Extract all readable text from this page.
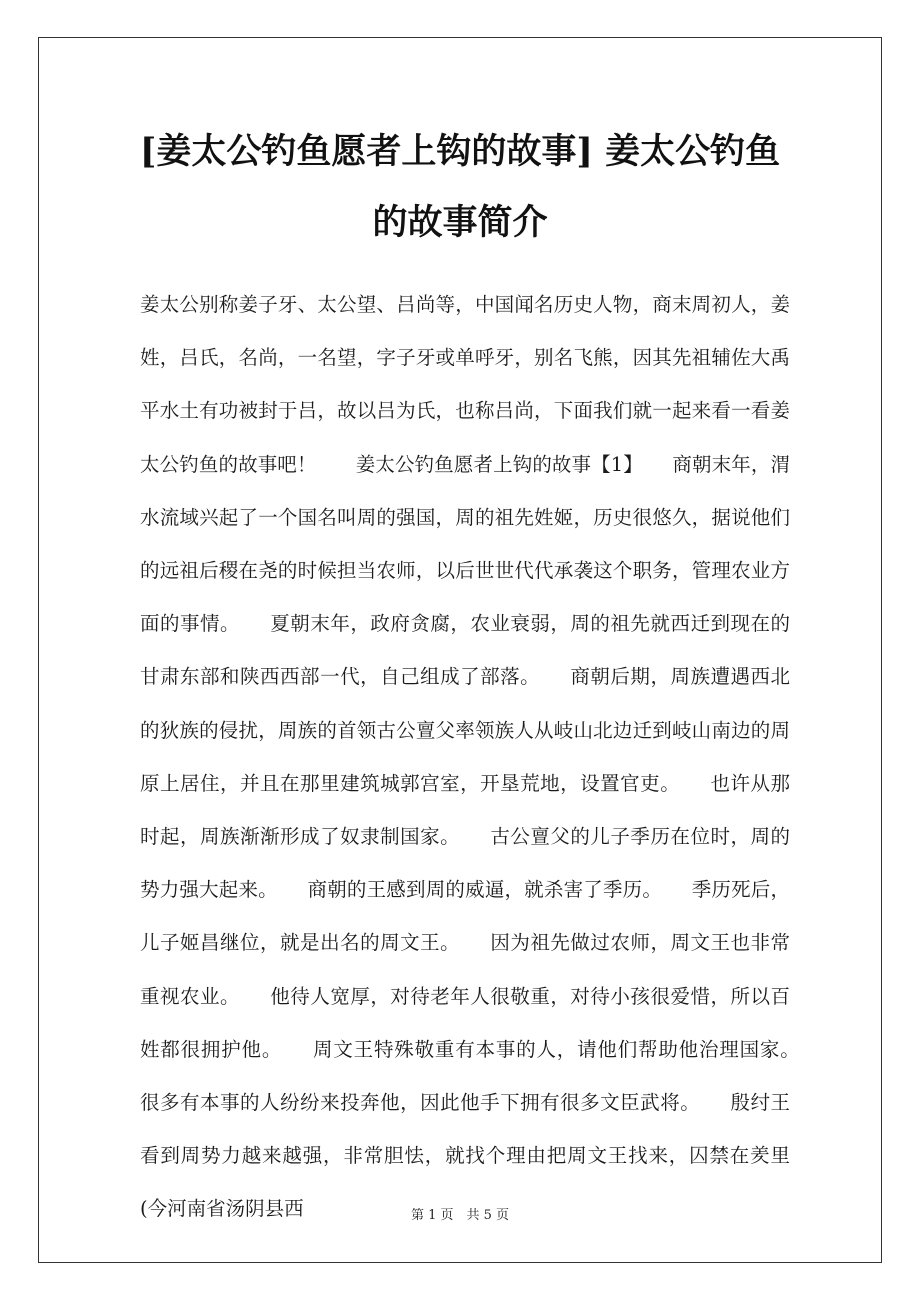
[姜太公钓鱼愿者上钩的故事] 姜太公钓鱼
的故事简介

姜太公别称姜子牙、太公望、吕尚等，中国闻名历史人物，商末周初人，姜姓，吕氏，名尚，一名望，字子牙或单呼牙，别名飞熊，因其先祖辅佐大禹平水土有功被封于吕，故以吕为氏，也称吕尚，下面我们就一起来看一看姜太公钓鱼的故事吧！　　姜太公钓鱼愿者上钩的故事【1】　　商朝末年，渭水流域兴起了一个国名叫周的强国，周的祖先姓姬，历史很悠久，据说他们的远祖后稷在尧的时候担当农师，以后世世代代承袭这个职务，管理农业方面的事情。　　夏朝末年，政府贪腐，农业衰弱，周的祖先就西迁到现在的甘肃东部和陕西西部一代，自己组成了部落。　　商朝后期，周族遭遇西北的狄族的侵扰，周族的首领古公亶父率领族人从岐山北边迁到岐山南边的周原上居住，并且在那里建筑城郭宫室，开垦荒地，设置官吏。　　也许从那时起，周族渐渐形成了奴隶制国家。　　古公亶父的儿子季历在位时，周的势力强大起来。　　商朝的王感到周的威逼，就杀害了季历。　　季历死后，儿子姬昌继位，就是出名的周文王。　　因为祖先做过农师，周文王也非常重视农业。　　他待人宽厚，对待老年人很敬重，对待小孩很爱惜，所以百姓都很拥护他。　　周文王特殊敬重有本事的人，请他们帮助他治理国家。　　很多有本事的人纷纷来投奔他，因此他手下拥有很多文臣武将。　　殷纣王看到周势力越来越强，非常胆怯，就找个理由把周文王找来，囚禁在羑里(今河南省汤阴县西	第 1 页　共 5 页
